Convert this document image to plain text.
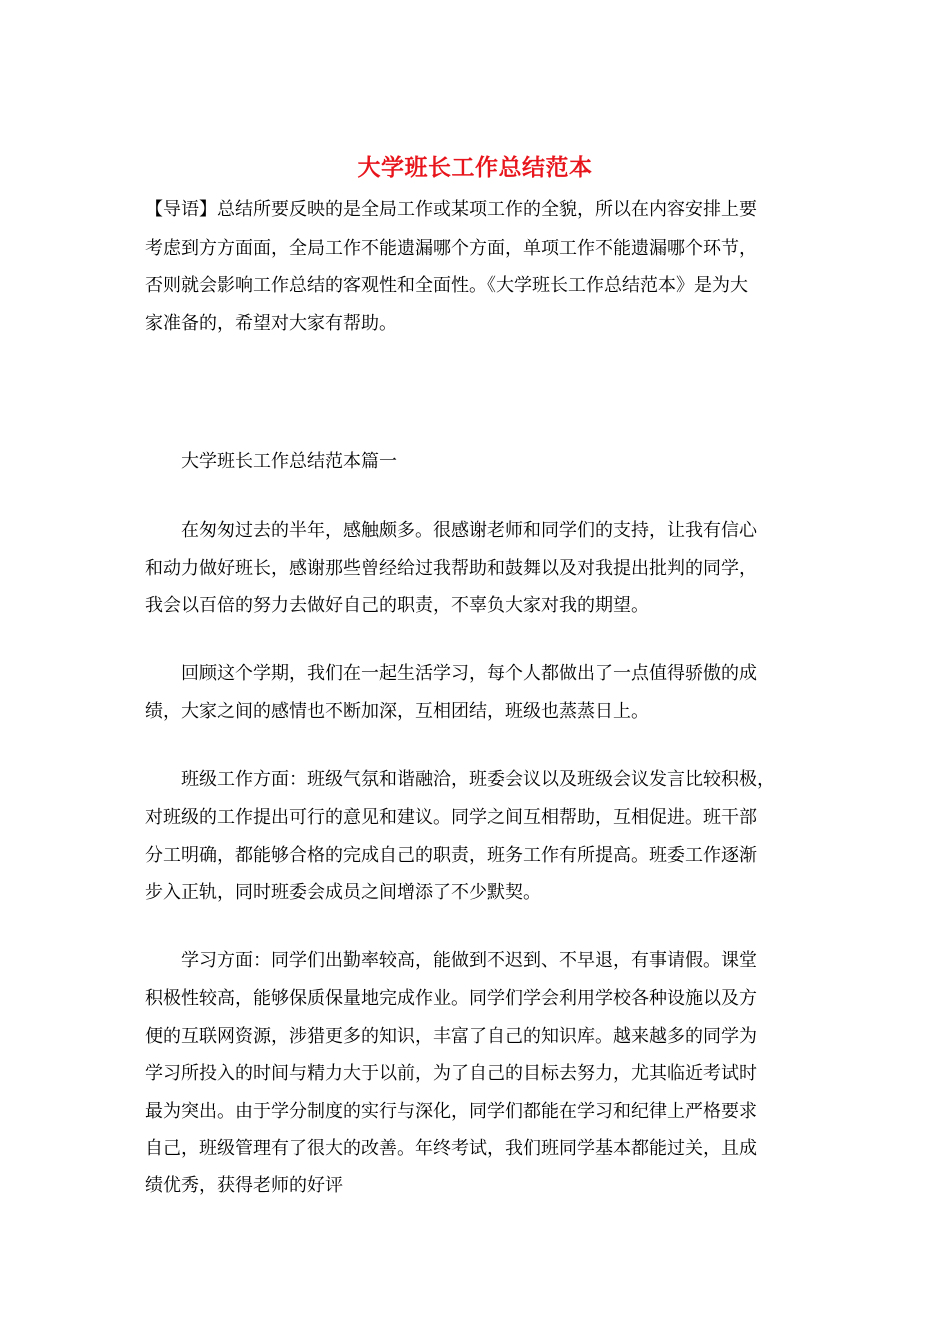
大学班长工作总结范本
【导语】总结所要反映的是全局工作或某项工作的全貌，所以在内容安排上要
考虑到方方面面，全局工作不能遗漏哪个方面，单项工作不能遗漏哪个环节，
否则就会影响工作总结的客观性和全面性。《大学班长工作总结范本》是为大
家准备的，希望对大家有帮助。
大学班长工作总结范本篇一
在匆匆过去的半年，感触颇多。很感谢老师和同学们的支持，让我有信心
和动力做好班长，感谢那些曾经给过我帮助和鼓舞以及对我提出批判的同学，
我会以百倍的努力去做好自己的职责，不辜负大家对我的期望。
回顾这个学期，我们在一起生活学习，每个人都做出了一点值得骄傲的成
绩，大家之间的感情也不断加深，互相团结，班级也蒸蒸日上。
班级工作方面：班级气氛和谐融洽，班委会议以及班级会议发言比较积极，
对班级的工作提出可行的意见和建议。同学之间互相帮助，互相促进。班干部
分工明确，都能够合格的完成自己的职责，班务工作有所提高。班委工作逐渐
步入正轨，同时班委会成员之间增添了不少默契。
学习方面：同学们出勤率较高，能做到不迟到、不早退，有事请假。课堂
积极性较高，能够保质保量地完成作业。同学们学会利用学校各种设施以及方
便的互联网资源，涉猎更多的知识，丰富了自己的知识库。越来越多的同学为
学习所投入的时间与精力大于以前，为了自己的目标去努力，尤其临近考试时
最为突出。由于学分制度的实行与深化，同学们都能在学习和纪律上严格要求
自己，班级管理有了很大的改善。年终考试，我们班同学基本都能过关，且成
绩优秀，获得老师的好评
